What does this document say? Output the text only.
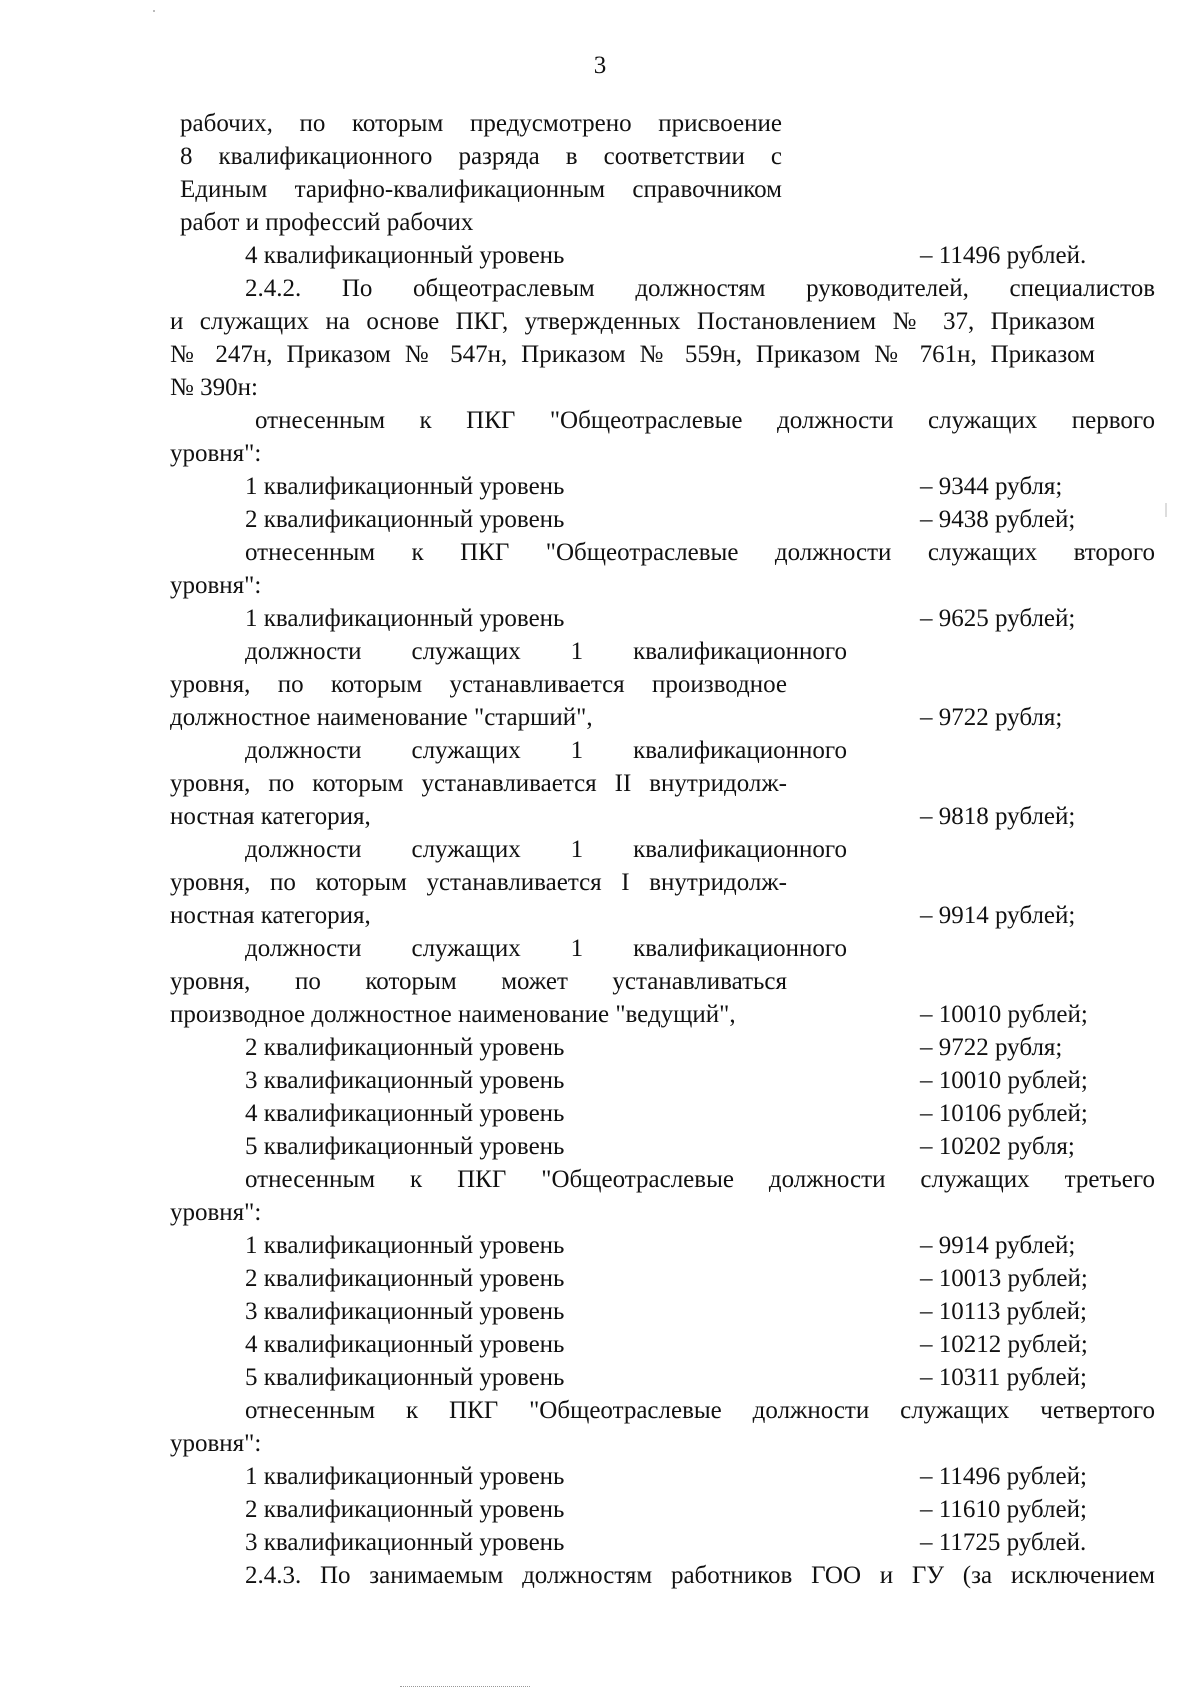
3
рабочих, по которым предусмотрено присвоение
8 квалификационного разряда в соответствии с
Единым тарифно-квалификационным справочником
работ и профессий рабочих
4 квалификационный уровень	– 11496 рублей.
2.4.2. По общеотраслевым должностям руководителей, специалистов
и служащих на основе ПКГ, утвержденных Постановлением № 37, Приказом
№ 247н, Приказом № 547н, Приказом № 559н, Приказом № 761н, Приказом
№ 390н:
отнесенным к ПКГ "Общеотраслевые должности служащих первого
уровня":
1 квалификационный уровень	– 9344 рубля;
2 квалификационный уровень	– 9438 рублей;
отнесенным к ПКГ "Общеотраслевые должности служащих второго
уровня":
1 квалификационный уровень	– 9625 рублей;
должности служащих 1 квалификационного
уровня, по которым устанавливается производное
должностное наименование "старший",	– 9722 рубля;
должности служащих 1 квалификационного
уровня, по которым устанавливается II внутридолж-
ностная категория,	– 9818 рублей;
должности служащих 1 квалификационного
уровня, по которым устанавливается I внутридолж-
ностная категория,	– 9914 рублей;
должности служащих 1 квалификационного
уровня, по которым может устанавливаться
производное должностное наименование "ведущий",	– 10010 рублей;
2 квалификационный уровень	– 9722 рубля;
3 квалификационный уровень	– 10010 рублей;
4 квалификационный уровень	– 10106 рублей;
5 квалификационный уровень	– 10202 рубля;
отнесенным к ПКГ "Общеотраслевые должности служащих третьего
уровня":
1 квалификационный уровень	– 9914 рублей;
2 квалификационный уровень	– 10013 рублей;
3 квалификационный уровень	– 10113 рублей;
4 квалификационный уровень	– 10212 рублей;
5 квалификационный уровень	– 10311 рублей;
отнесенным к ПКГ "Общеотраслевые должности служащих четвертого
уровня":
1 квалификационный уровень	– 11496 рублей;
2 квалификационный уровень	– 11610 рублей;
3 квалификационный уровень	– 11725 рублей.
2.4.3. По занимаемым должностям работников ГОО и ГУ (за исключением
